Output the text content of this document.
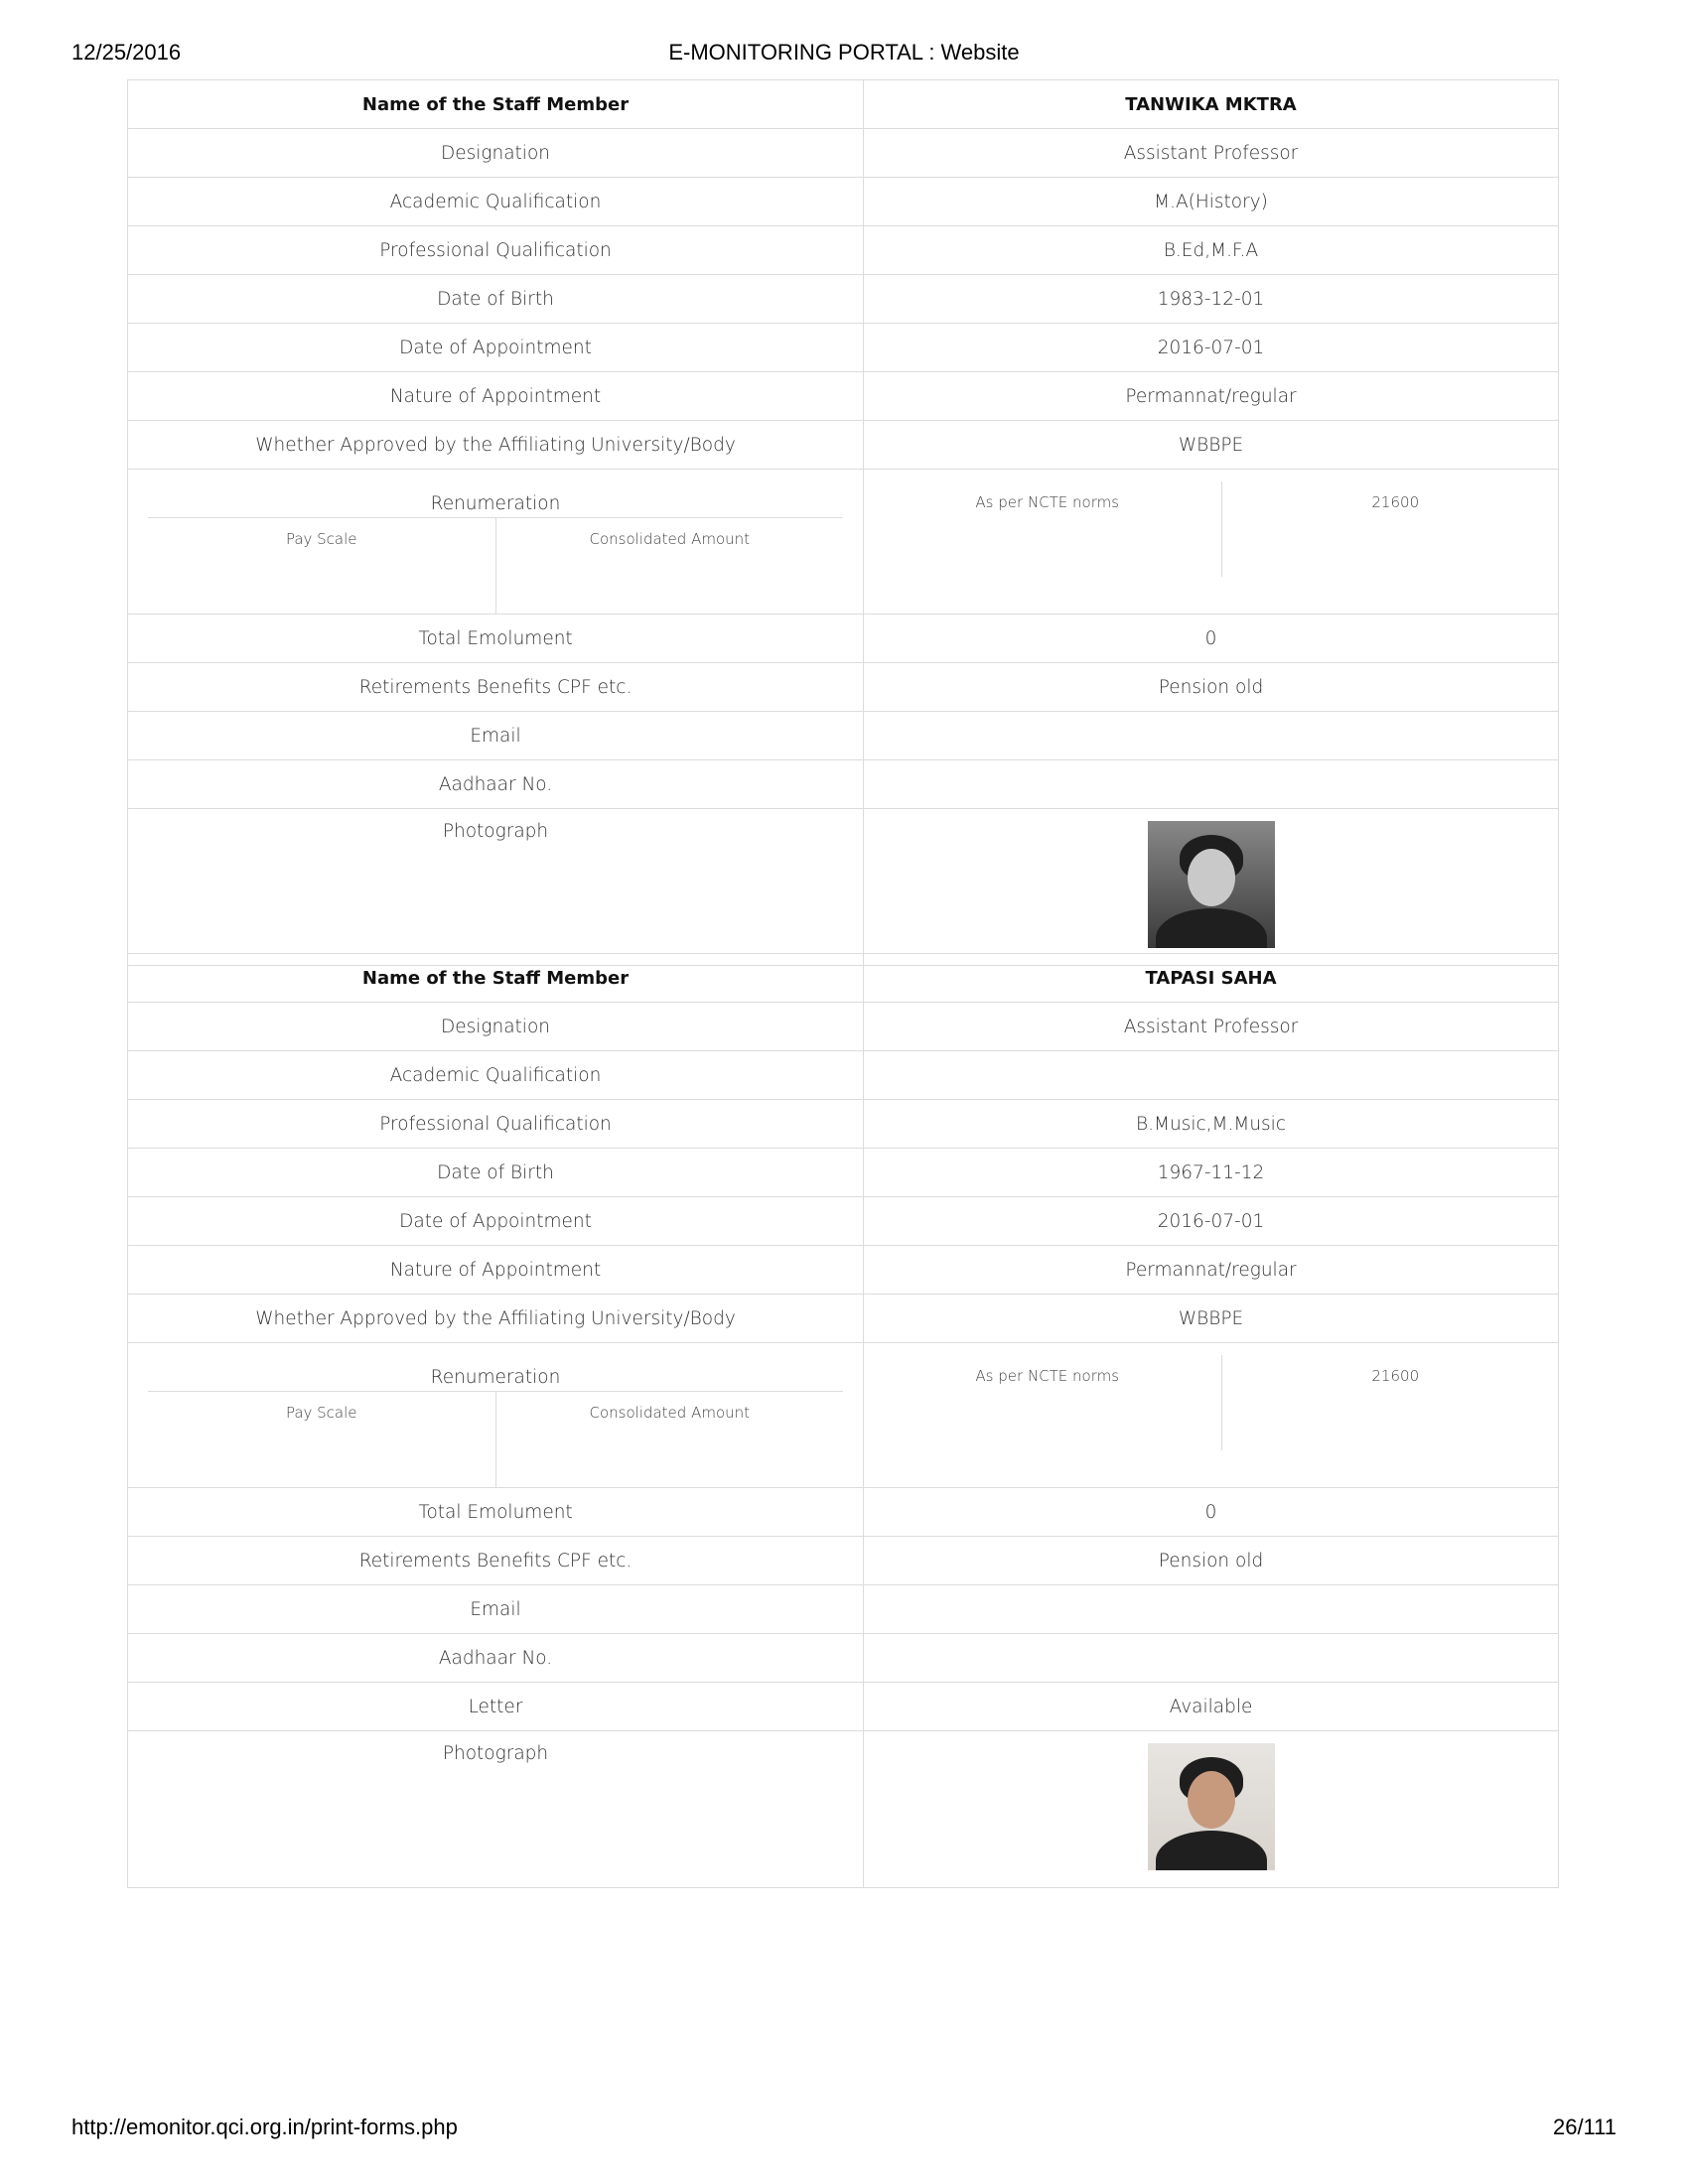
12/25/2016	E-MONITORING PORTAL : Website
Name of the Staff Member	TANWIKA MKTRA
Designation	Assistant Professor
Academic Qualification	M.A(History)
Professional Qualification	B.Ed,M.F.A
Date of Birth	1983-12-01
Date of Appointment	2016-07-01
Nature of Appointment	Permannat/regular
Whether Approved by the Affiliating University/Body	WBBPE

Renumeration
Pay Scale	Consolidated Amount

As per NCTE norms	21600

Total Emolument	0
Retirements Benefits CPF etc.	Pension old
Email	
Aadhaar No.	
Photograph	
Name of the Staff Member	TAPASI SAHA
Designation	Assistant Professor
Academic Qualification	
Professional Qualification	B.Music,M.Music
Date of Birth	1967-11-12
Date of Appointment	2016-07-01
Nature of Appointment	Permannat/regular
Whether Approved by the Affiliating University/Body	WBBPE

Renumeration
Pay Scale	Consolidated Amount

As per NCTE norms	21600

Total Emolument	0
Retirements Benefits CPF etc.	Pension old
Email	
Aadhaar No.	
Letter	Available
Photograph	
http://emonitor.qci.org.in/print-forms.php	26/111
